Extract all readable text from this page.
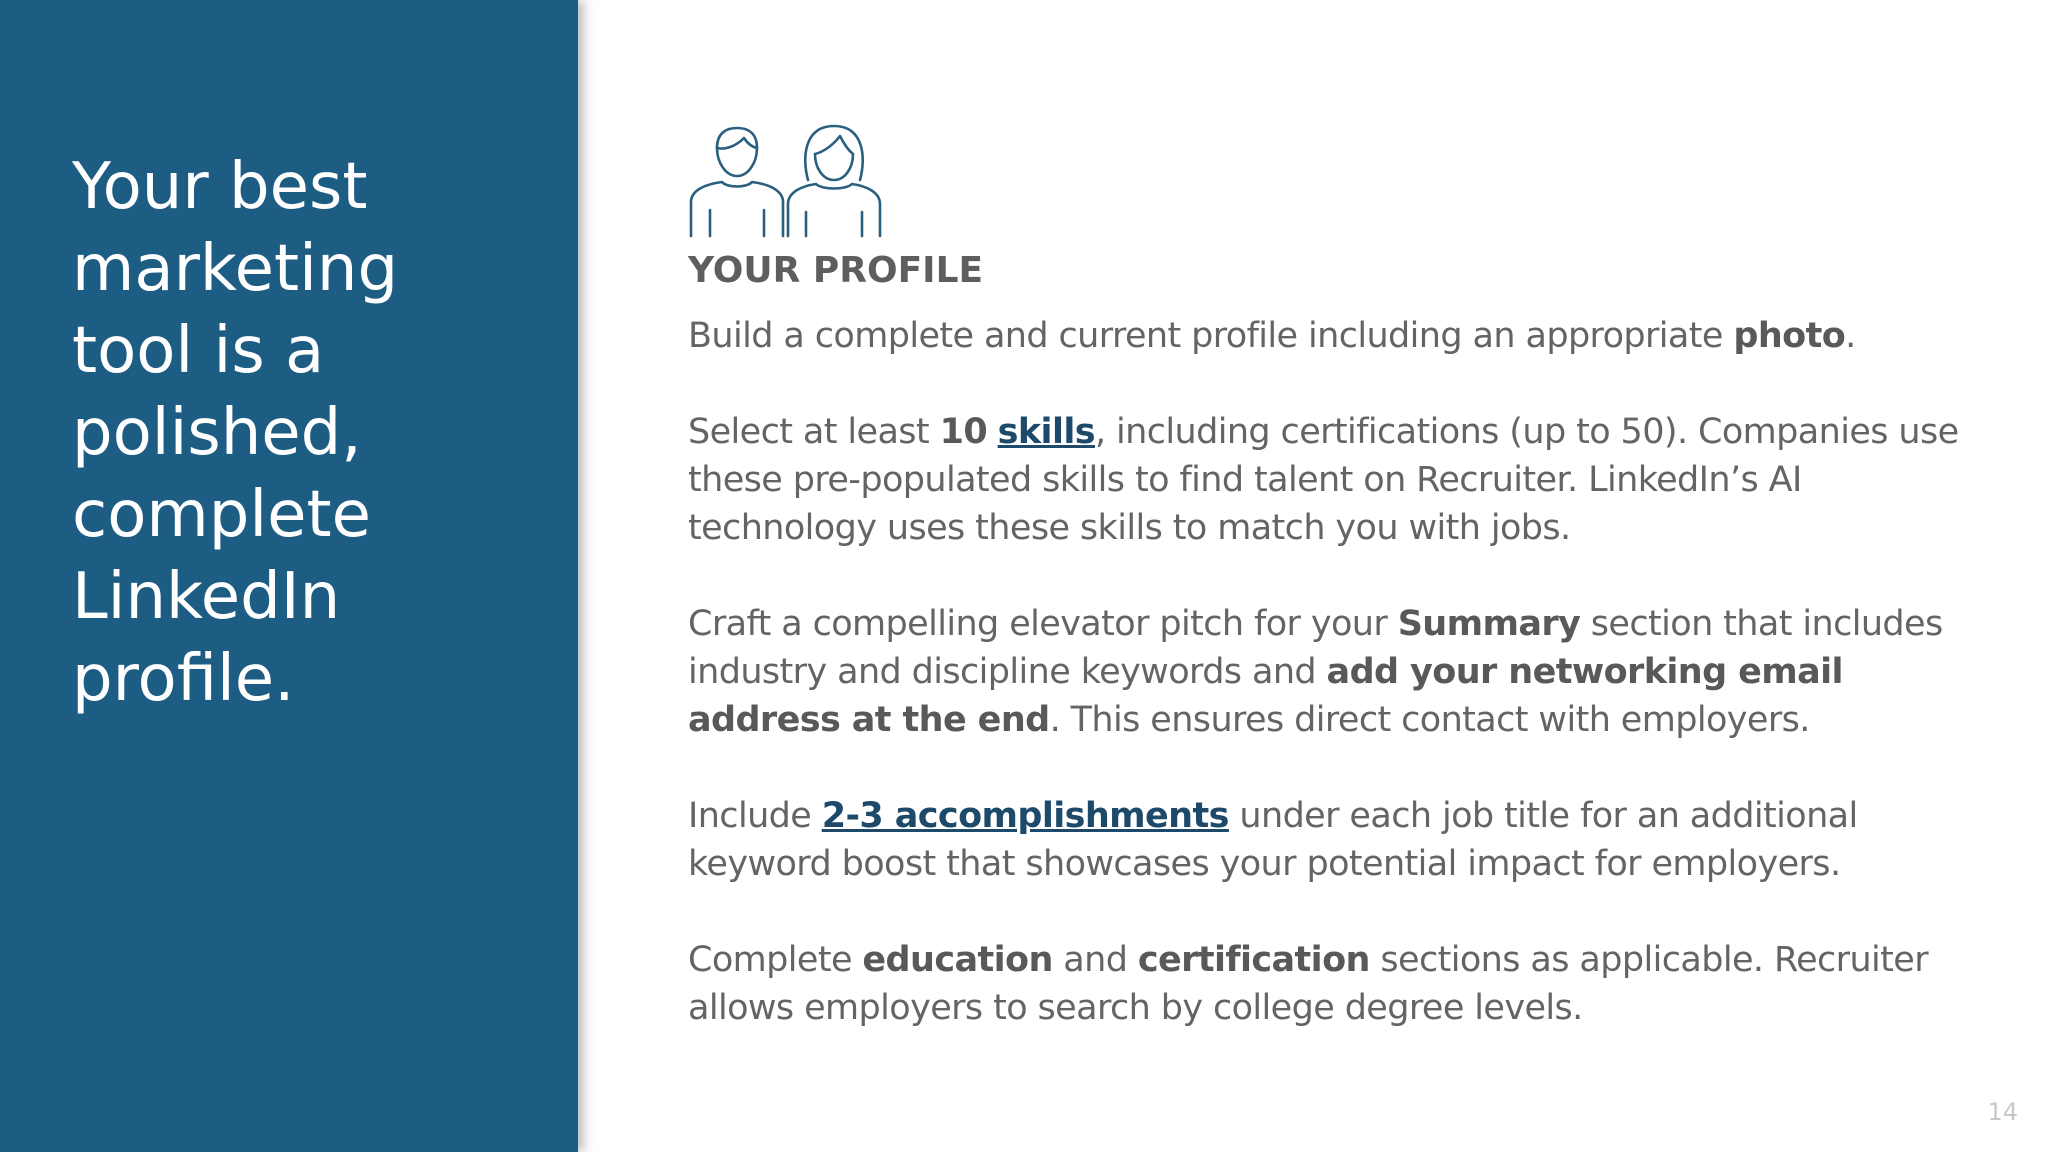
Your best
marketing
tool is a
polished,
complete
LinkedIn
profile.
YOUR PROFILE

Build a complete and current profile including an appropriate photo.

Select at least 10 skills, including certifications (up to 50). Companies use these pre-populated skills to find talent on Recruiter. LinkedIn’s AI technology uses these skills to match you with jobs.

Craft a compelling elevator pitch for your Summary section that includes industry and discipline keywords and add your networking email address at the end. This ensures direct contact with employers.

Include 2-3 accomplishments under each job title for an additional keyword boost that showcases your potential impact for employers.

Complete education and certification sections as applicable. Recruiter allows employers to search by college degree levels.

14
